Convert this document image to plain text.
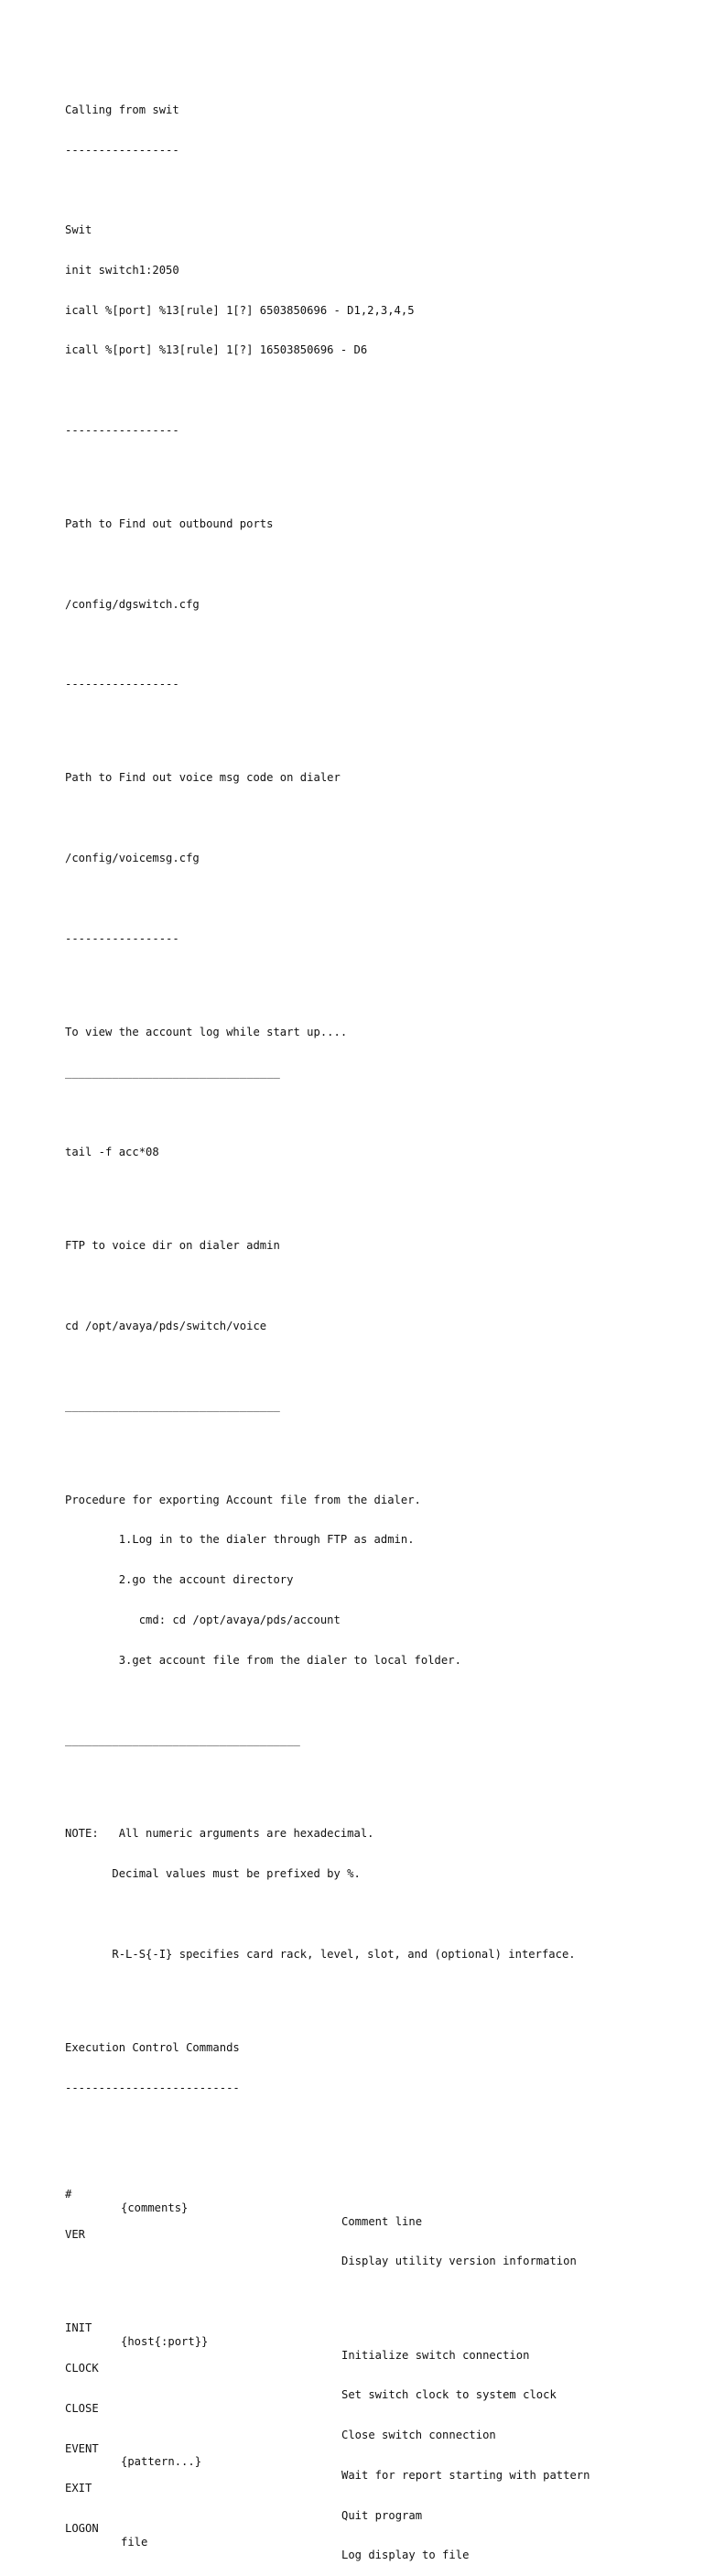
Calling from swit

-----------------

Swit

init switch1:2050

icall %[port] %13[rule] 1[?] 6503850696 - D1,2,3,4,5

icall %[port] %13[rule] 1[?] 16503850696 - D6

-----------------

Path to Find out outbound ports

/config/dgswitch.cfg

-----------------

Path to Find out voice msg code on dialer

/config/voicemsg.cfg

-----------------

To view the account log while start up....

________________________________

tail -f acc*08

FTP to voice dir on dialer admin

cd /opt/avaya/pds/switch/voice

________________________________

Procedure for exporting Account file from the dialer.

1.Log in to the dialer through FTP as admin.

2.go the account directory

cmd: cd /opt/avaya/pds/account

3.get account file from the dialer to local folder.

___________________________________

NOTE:   All numeric arguments are hexadecimal.

Decimal values must be prefixed by %.

R-L-S{-I} specifies card rack, level, slot, and (optional) interface.

Execution Control Commands

--------------------------

#

{comments}

Comment line

VER

Display utility version information

INIT

{host{:port}}

Initialize switch connection

CLOCK

Set switch clock to system clock

CLOSE

Close switch connection

EVENT

{pattern...}

Wait for report starting with pattern

EXIT

Quit program

LOGON

file

Log display to file
